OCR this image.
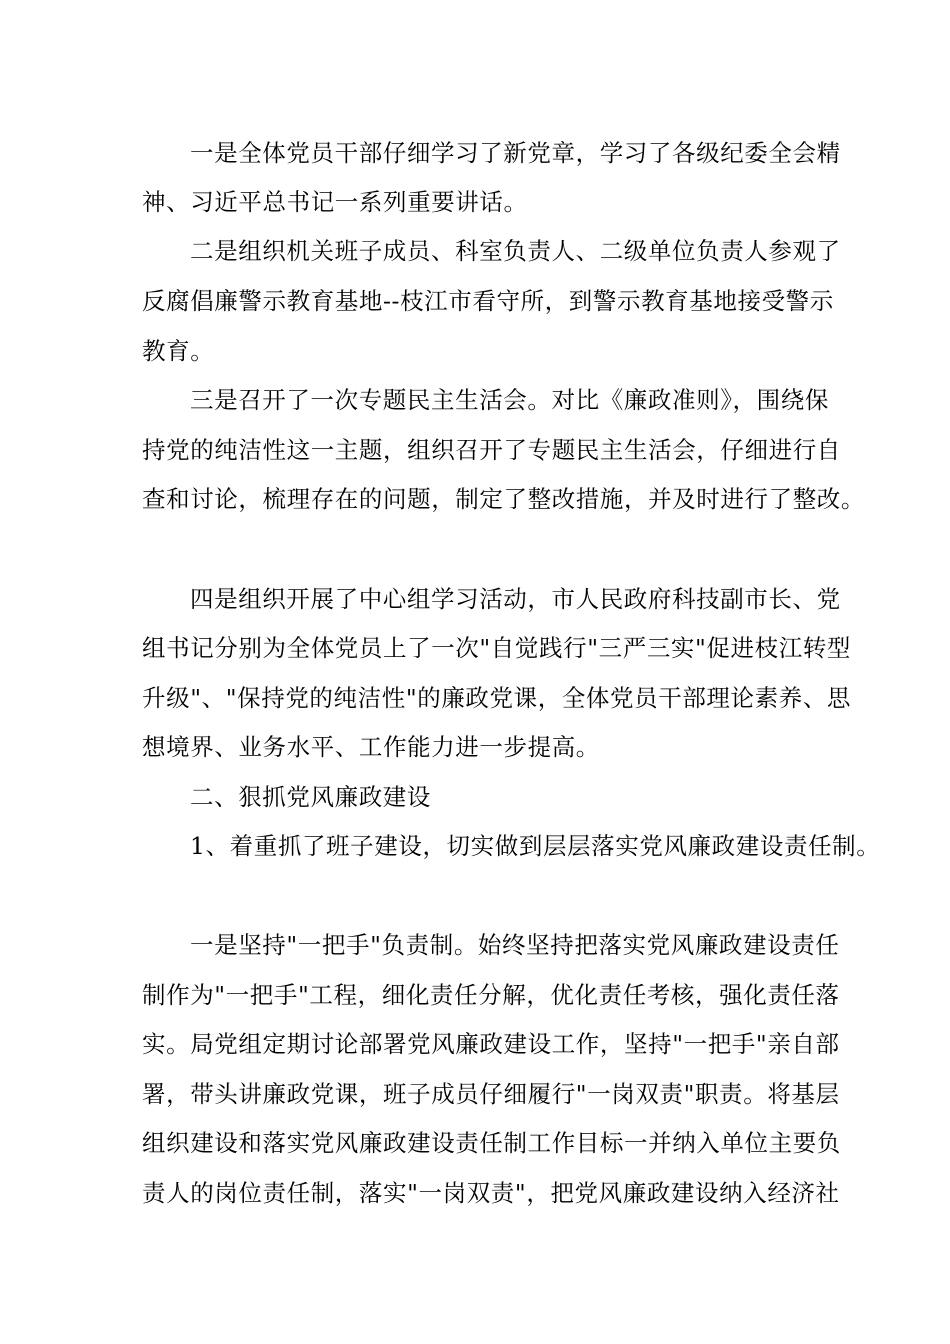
一是全体党员干部仔细学习了新党章，学习了各级纪委全会精
神、习近平总书记一系列重要讲话。
二是组织机关班子成员、科室负责人、二级单位负责人参观了
反腐倡廉警示教育基地--枝江市看守所，到警示教育基地接受警示
教育。
三是召开了一次专题民主生活会。对比《廉政准则》，围绕保
持党的纯洁性这一主题，组织召开了专题民主生活会，仔细进行自
查和讨论，梳理存在的问题，制定了整改措施，并及时进行了整改。
四是组织开展了中心组学习活动，市人民政府科技副市长、党
组书记分别为全体党员上了一次"自觉践行"三严三实"促进枝江转型
升级"、"保持党的纯洁性"的廉政党课，全体党员干部理论素养、思
想境界、业务水平、工作能力进一步提高。
二、狠抓党风廉政建设
1、着重抓了班子建设，切实做到层层落实党风廉政建设责任制。
一是坚持"一把手"负责制。始终坚持把落实党风廉政建设责任
制作为"一把手"工程，细化责任分解，优化责任考核，强化责任落
实。局党组定期讨论部署党风廉政建设工作，坚持"一把手"亲自部
署，带头讲廉政党课，班子成员仔细履行"一岗双责"职责。将基层
组织建设和落实党风廉政建设责任制工作目标一并纳入单位主要负
责人的岗位责任制，落实"一岗双责"，把党风廉政建设纳入经济社
